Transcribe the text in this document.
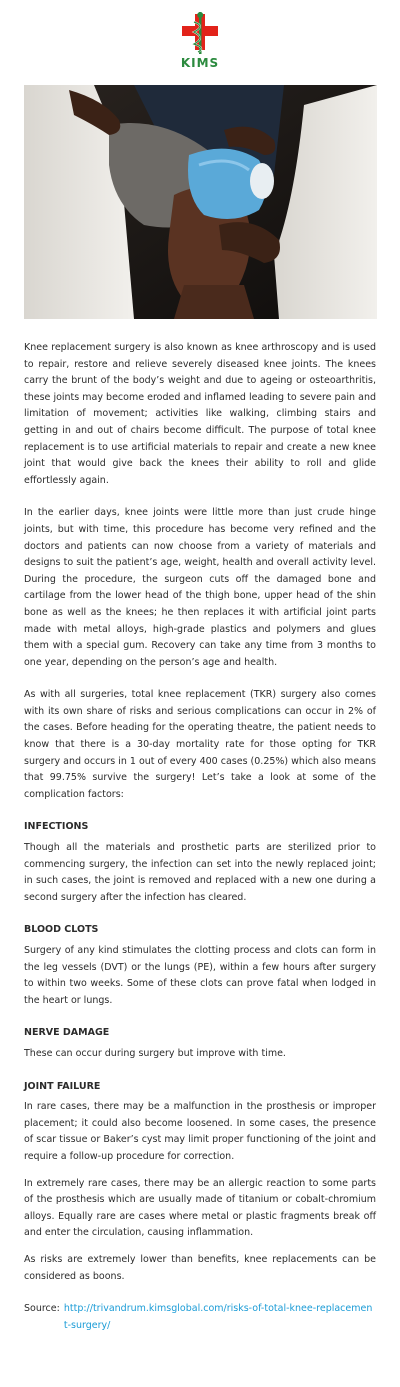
KIMS

Knee replacement surgery is also known as knee arthroscopy and is used to repair, restore and relieve severely diseased knee joints. The knees carry the brunt of the body’s weight and due to ageing or osteoarthritis, these joints may become eroded and inflamed leading to severe pain and limitation of movement; activities like walking, climbing stairs and getting in and out of chairs become difficult. The purpose of total knee replacement is to use artificial materials to repair and create a new knee joint that would give back the knees their ability to roll and glide effortlessly again.

In the earlier days, knee joints were little more than just crude hinge joints, but with time, this procedure has become very refined and the doctors and patients can now choose from a variety of materials and designs to suit the patient’s age, weight, health and overall activity level. During the procedure, the surgeon cuts off the damaged bone and cartilage from the lower head of the thigh bone, upper head of the shin bone as well as the knees; he then replaces it with artificial joint parts made with metal alloys, high-grade plastics and polymers and glues them with a special gum. Recovery can take any time from 3 months to one year, depending on the person’s age and health.

As with all surgeries, total knee replacement (TKR) surgery also comes with its own share of risks and serious complications can occur in 2% of the cases. Before heading for the operating theatre, the patient needs to know that there is a 30-day mortality rate for those opting for TKR surgery and occurs in 1 out of every 400 cases (0.25%) which also means that 99.75% survive the surgery! Let’s take a look at some of the complication factors:

INFECTIONS

Though all the materials and prosthetic parts are sterilized prior to commencing surgery, the infection can set into the newly replaced joint; in such cases, the joint is removed and replaced with a new one during a second surgery after the infection has cleared.

BLOOD CLOTS

Surgery of any kind stimulates the clotting process and clots can form in the leg vessels (DVT) or the lungs (PE), within a few hours after surgery to within two weeks. Some of these clots can prove fatal when lodged in the heart or lungs.

NERVE DAMAGE

These can occur during surgery but improve with time.

JOINT FAILURE

In rare cases, there may be a malfunction in the prosthesis or improper placement; it could also become loosened. In some cases, the presence of scar tissue or Baker’s cyst may limit proper functioning of the joint and require a follow-up procedure for correction.

In extremely rare cases, there may be an allergic reaction to some parts of the prosthesis which are usually made of titanium or cobalt-chromium alloys. Equally rare are cases where metal or plastic fragments break off and enter the circulation, causing inflammation.

As risks are extremely lower than benefits, knee replacements can be considered as boons.

Source: http://trivandrum.kimsglobal.com/risks-of-total-knee-replacement-surgery/
